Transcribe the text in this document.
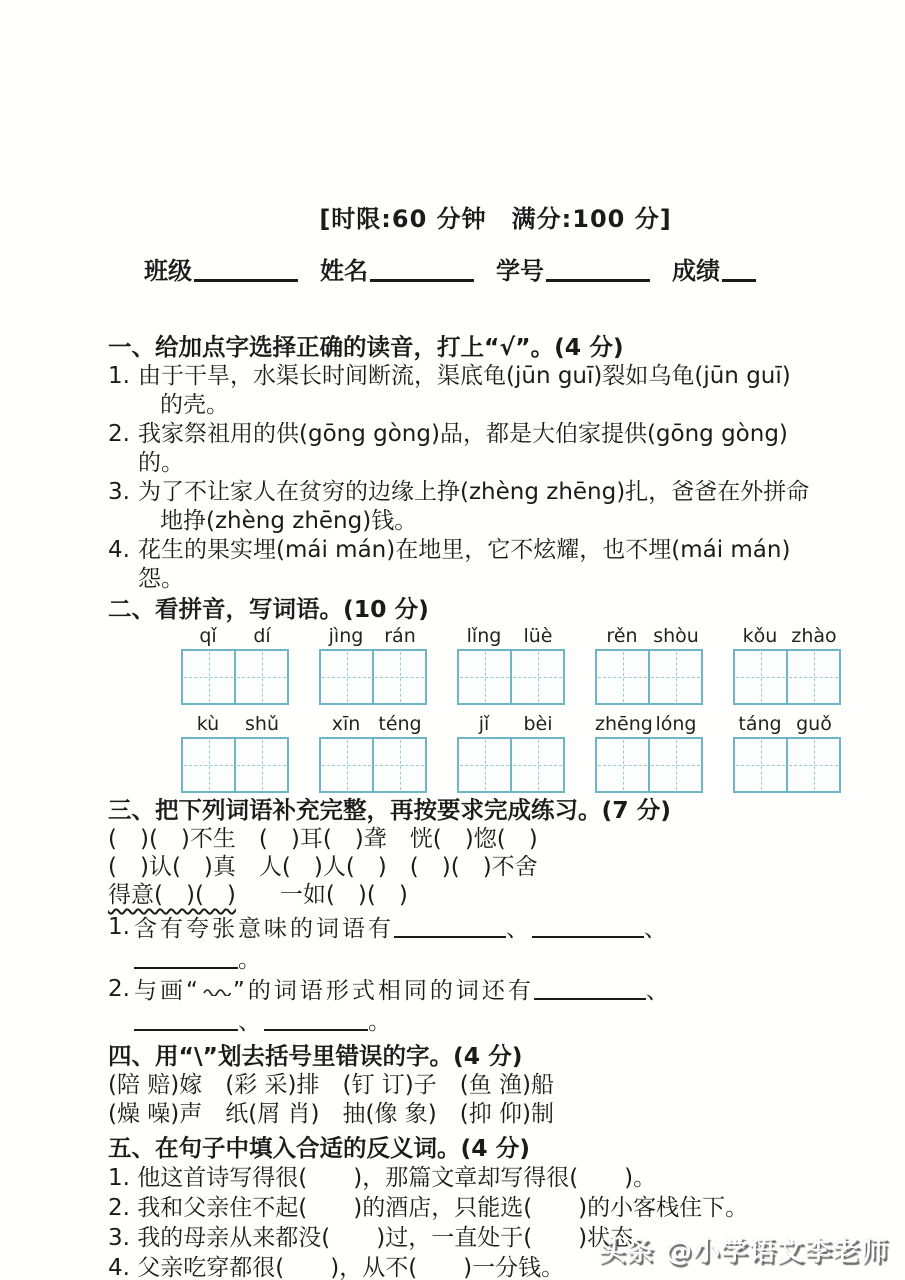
[时限:60 分钟　满分:100 分]
班级	姓名	学号	成绩
一、给加点字选择正确的读音，打上“√”。(4 分)
1. 由于干旱，水渠长时间断流，渠底龟(jūn guī)裂如乌龟(jūn guī)
的壳。
2. 我家祭祖用的供(gōng gòng)品，都是大伯家提供(gōng gòng)的。
3. 为了不让家人在贫穷的边缘上挣(zhèng zhēng)扎，爸爸在外拼命
地挣(zhèng zhēng)钱。
4. 花生的果实埋(mái mán)在地里，它不炫耀，也不埋(mái mán)怨。
二、看拼音，写词语。(10 分)
qǐ	dí	jìng	rán	lǐng	lüè	rěn shòu	kǒu zhào
kù	shǔ	xīn téng	jǐ	bèi	zhēng lóng	táng guǒ
三、把下列词语补充完整，再按要求完成练习。(7 分)
(　)(　)不生　(　)耳(　)聋　恍(　)惚(　)
(　)认(　)真　人(　)人(　)　(　)(　)不舍
得意(　)(　) 一如(　)(　)
1. 含有夸张意味的词语有	、	、
。
2. 与画“ ”的词语形式相同的词还有	、
、	。
四、用“\”划去括号里错误的字。(4 分)
(陪 赔)嫁　(彩 采)排　(钉 订)子　(鱼 渔)船
(燥 噪)声　纸(屑 肖)　抽(像 象)　(抑 仰)制
五、在句子中填入合适的反义词。(4 分)
1. 他这首诗写得很(　　)，那篇文章却写得很(　　)。
2. 我和父亲住不起(　　)的酒店，只能选(　　)的小客栈住下。
3. 我的母亲从来都没(　　)过，一直处于(　　)状态。
4. 父亲吃穿都很(　　)，从不(　　)一分钱。
头条 @小学语文李老师
